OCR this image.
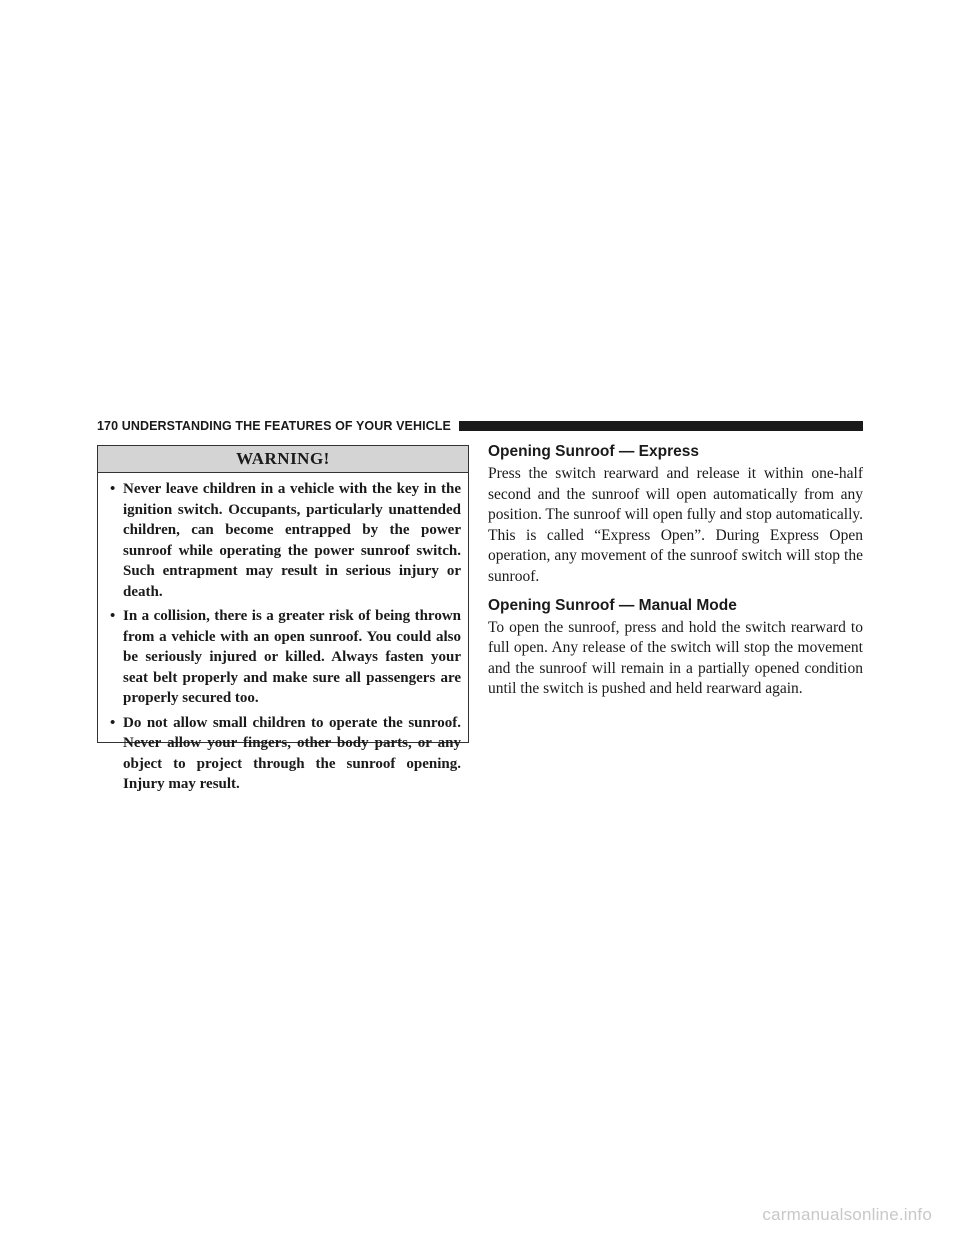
170 UNDERSTANDING THE FEATURES OF YOUR VEHICLE
WARNING!
• Never leave children in a vehicle with the key in the ignition switch. Occupants, particularly unattended children, can become entrapped by the power sunroof while operating the power sunroof switch. Such entrapment may result in serious injury or death.
• In a collision, there is a greater risk of being thrown from a vehicle with an open sunroof. You could also be seriously injured or killed. Always fasten your seat belt properly and make sure all passengers are properly secured too.
• Do not allow small children to operate the sunroof. Never allow your fingers, other body parts, or any object to project through the sunroof opening. Injury may result.
Opening Sunroof — Express

Press the switch rearward and release it within one-half second and the sunroof will open automatically from any position. The sunroof will open fully and stop automatically. This is called “Express Open”. During Express Open operation, any movement of the sunroof switch will stop the sunroof.

Opening Sunroof — Manual Mode

To open the sunroof, press and hold the switch rearward to full open. Any release of the switch will stop the movement and the sunroof will remain in a partially opened condition until the switch is pushed and held rearward again.

carmanualsonline.info
